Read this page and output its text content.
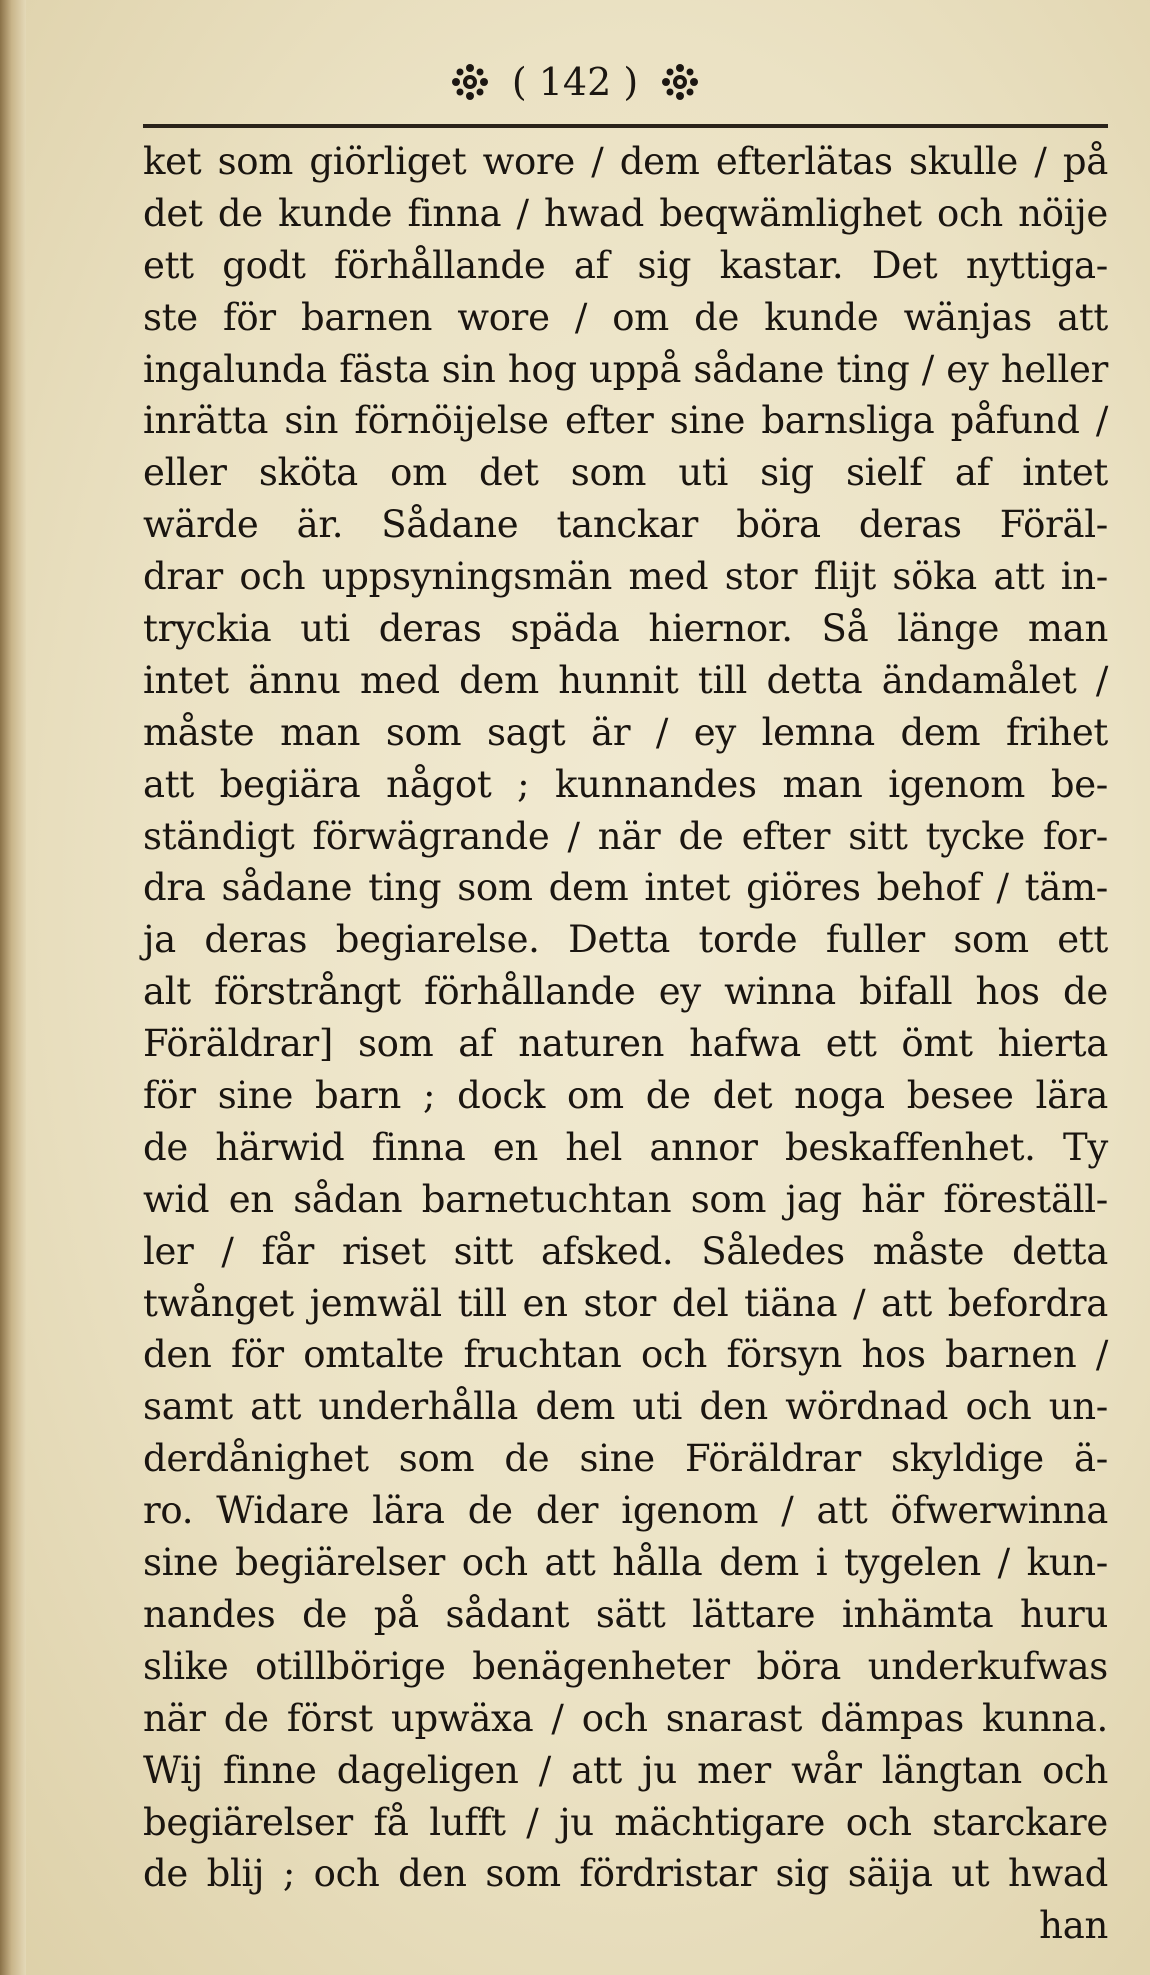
( 142 )
ket som giörliget wore / dem efterlätas skulle / på
det de kunde finna / hwad beqwämlighet och nöije
ett godt förhållande af sig kastar. Det nyttiga-
ste för barnen wore / om de kunde wänjas att
ingalunda fästa sin hog uppå sådane ting / ey heller
inrätta sin förnöijelse efter sine barnsliga påfund /
eller sköta om det som uti sig sielf af intet
wärde är. Sådane tanckar böra deras Föräl-
drar och uppsyningsmän med stor flijt söka att in-
tryckia uti deras späda hiernor. Så länge man
intet ännu med dem hunnit till detta ändamålet /
måste man som sagt är / ey lemna dem frihet
att begiära något ; kunnandes man igenom be-
ständigt förwägrande / när de efter sitt tycke for-
dra sådane ting som dem intet giöres behof / täm-
ja deras begiarelse. Detta torde fuller som ett
alt förstrångt förhållande ey winna bifall hos de
Föräldrar] som af naturen hafwa ett ömt hierta
för sine barn ; dock om de det noga besee lära
de härwid finna en hel annor beskaffenhet. Ty
wid en sådan barnetuchtan som jag här föreställ-
ler / får riset sitt afsked. Således måste detta
twånget jemwäl till en stor del tiäna / att befordra
den för omtalte fruchtan och försyn hos barnen /
samt att underhålla dem uti den wördnad och un-
derdånighet som de sine Föräldrar skyldige ä-
ro. Widare lära de der igenom / att öfwerwinna
sine begiärelser och att hålla dem i tygelen / kun-
nandes de på sådant sätt lättare inhämta huru
slike otillbörige benägenheter böra underkufwas
när de först upwäxa / och snarast dämpas kunna.
Wij finne dageligen / att ju mer wår längtan och
begiärelser få lufft / ju mächtigare och starckare
de blij ; och den som fördristar sig säija ut hwad
han
